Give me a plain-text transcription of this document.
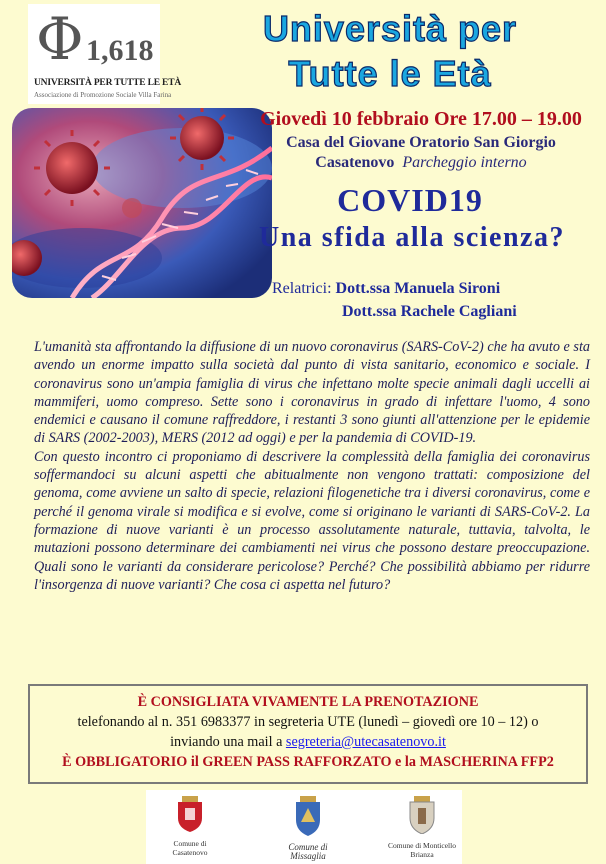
Φ 1,618
UNIVERSITÀ PER TUTTE LE ETÀ
Associazione di Promozione Sociale Villa Farina
Università per
Tutte le Età
Giovedì 10 febbraio Ore 17.00 – 19.00
Casa del Giovane Oratorio San Giorgio
Casatenovo Parcheggio interno
COVID19
Una sfida alla scienza?
Relatrici: Dott.ssa Manuela Sironi
Dott.ssa Rachele Cagliani

L'umanità sta affrontando la diffusione di un nuovo coronavirus (SARS-CoV-2) che ha avuto e sta avendo un enorme impatto sulla società dal punto di vista sanitario, economico e sociale. I coronavirus sono un'ampia famiglia di virus che infettano molte specie animali dagli uccelli ai mammiferi, uomo compreso. Sette sono i coronavirus in grado di infettare l'uomo, 4 sono endemici e causano il comune raffreddore, i restanti 3 sono giunti all'attenzione per le epidemie di SARS (2002-2003), MERS (2012 ad oggi) e per la pandemia di COVID-19.

Con questo incontro ci proponiamo di descrivere la complessità della famiglia dei coronavirus soffermandoci su alcuni aspetti che abitualmente non vengono trattati: composizione del genoma, come avviene un salto di specie, relazioni filogenetiche tra i diversi coronavirus, come e perché il genoma virale si modifica e si evolve, come si originano le varianti di SARS-CoV-2. La formazione di nuove varianti è un processo assolutamente naturale, tuttavia, talvolta, le mutazioni possono determinare dei cambiamenti nei virus che possono destare preoccupazione. Quali sono le varianti da considerare pericolose? Perché? Che possibilità abbiamo per ridurre l'insorgenza di nuove varianti? Che cosa ci aspetta nel futuro?

È CONSIGLIATA VIVAMENTE LA PRENOTAZIONE
telefonando al n. 351 6983377 in segreteria UTE (lunedì – giovedì ore 10 – 12) o
inviando una mail a segreteria@utecasatenovo.it
È OBBLIGATORIO il GREEN PASS RAFFORZATO e la MASCHERINA FFP2
Comune di Casatenovo
Comune di Missaglia
Comune di Monticello Brianza
